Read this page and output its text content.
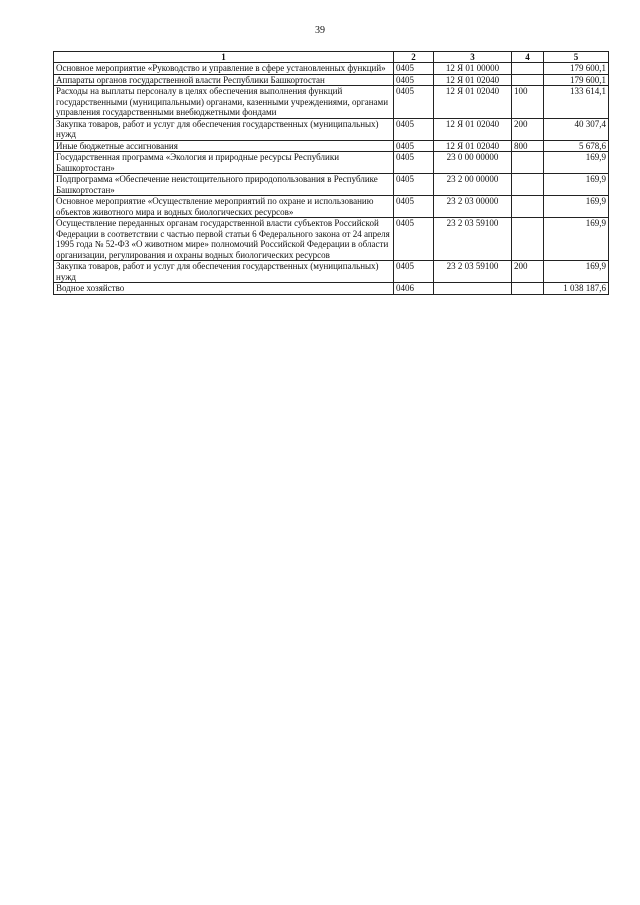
39
1	2	3	4	5
Основное мероприятие «Руководство и управление в сфере установленных функций»	0405	12 Я 01 00000		179 600,1
Аппараты органов государственной власти Республики Башкортостан	0405	12 Я 01 02040		179 600,1
Расходы на выплаты персоналу в целях обеспечения выполнения функций государственными (муниципальными) органами, казенными учреждениями, органами управления государственными внебюджетными фондами	0405	12 Я 01 02040	100	133 614,1
Закупка товаров, работ и услуг для обеспечения государственных (муниципальных) нужд	0405	12 Я 01 02040	200	40 307,4
Иные бюджетные ассигнования	0405	12 Я 01 02040	800	5 678,6
Государственная программа «Экология и природные ресурсы Республики Башкортостан»	0405	23 0 00 00000		169,9
Подпрограмма «Обеспечение неистощительного природопользования в Республике Башкортостан»	0405	23 2 00 00000		169,9
Основное мероприятие «Осуществление мероприятий по охране и использованию объектов животного мира и водных биологических ресурсов»	0405	23 2 03 00000		169,9
Осуществление переданных органам государственной власти субъектов Российской Федерации в соответствии с частью первой статьи 6 Федерального закона от 24 апреля 1995 года № 52-ФЗ «О животном мире» полномочий Российской Федерации в области организации, регулирования и охраны водных биологических ресурсов	0405	23 2 03 59100		169,9
Закупка товаров, работ и услуг для обеспечения государственных (муниципальных) нужд	0405	23 2 03 59100	200	169,9
Водное хозяйство	0406			1 038 187,6
